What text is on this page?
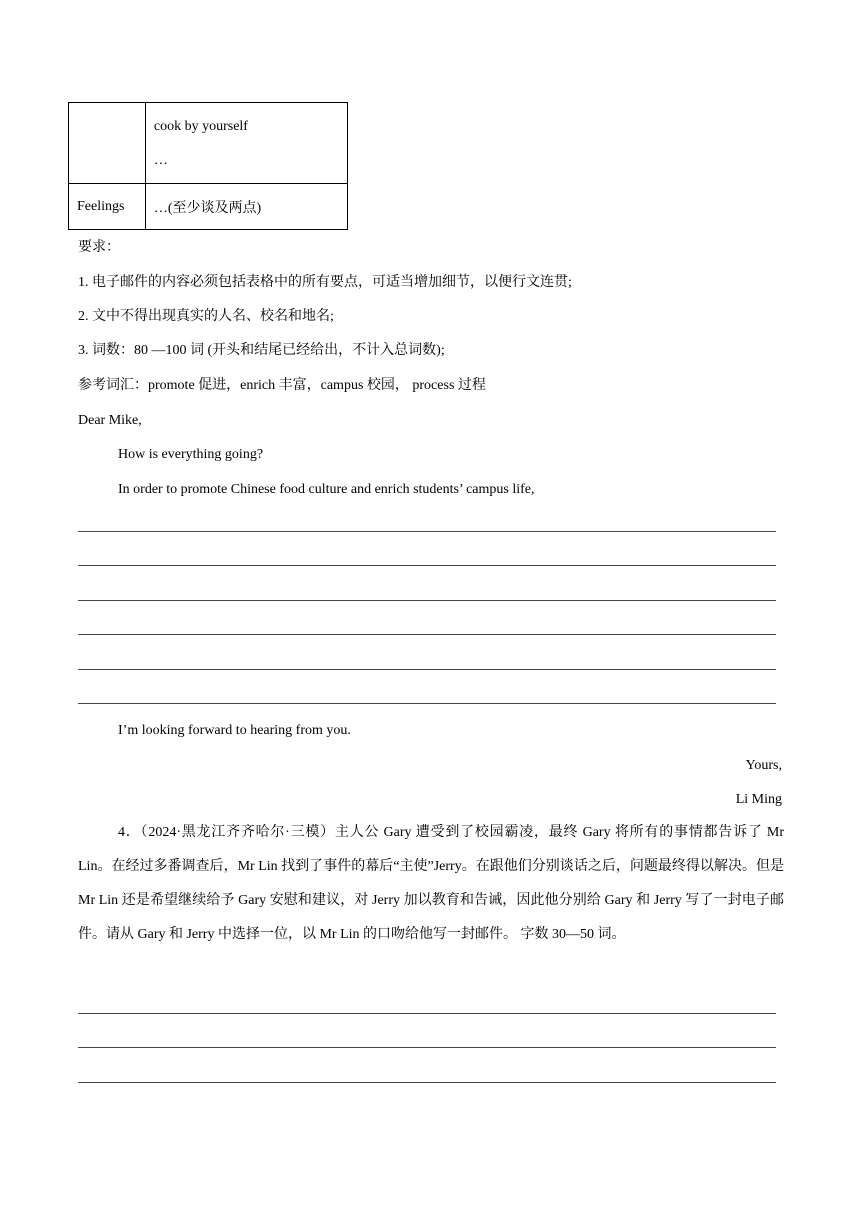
	cook by yourself
…

Feelings	…(至少谈及两点)
要求：
1. 电子邮件的内容必须包括表格中的所有要点，可适当增加细节，以便行文连贯;
2. 文中不得出现真实的人名、校名和地名;
3. 词数：80 —100 词 (开头和结尾已经给出，不计入总词数);
参考词汇：promote 促进，enrich 丰富，campus 校园， process 过程
Dear Mike,
How is everything going?
In order to promote Chinese food culture and enrich students’ campus life,
I’m looking forward to hearing from you.
Yours,
Li Ming
4．（2024·黑龙江齐齐哈尔·三模）主人公 Gary 遭受到了校园霸凌，最终 Gary 将所有的事情都告诉了 Mr Lin。在经过多番调查后，Mr Lin 找到了事件的幕后“主使”Jerry。在跟他们分别谈话之后，问题最终得以解决。但是 Mr Lin 还是希望继续给予 Gary 安慰和建议，对 Jerry 加以教育和告诫，因此他分别给 Gary 和 Jerry 写了一封电子邮件。请从 Gary 和 Jerry 中选择一位，以 Mr Lin 的口吻给他写一封邮件。 字数 30—50 词。
